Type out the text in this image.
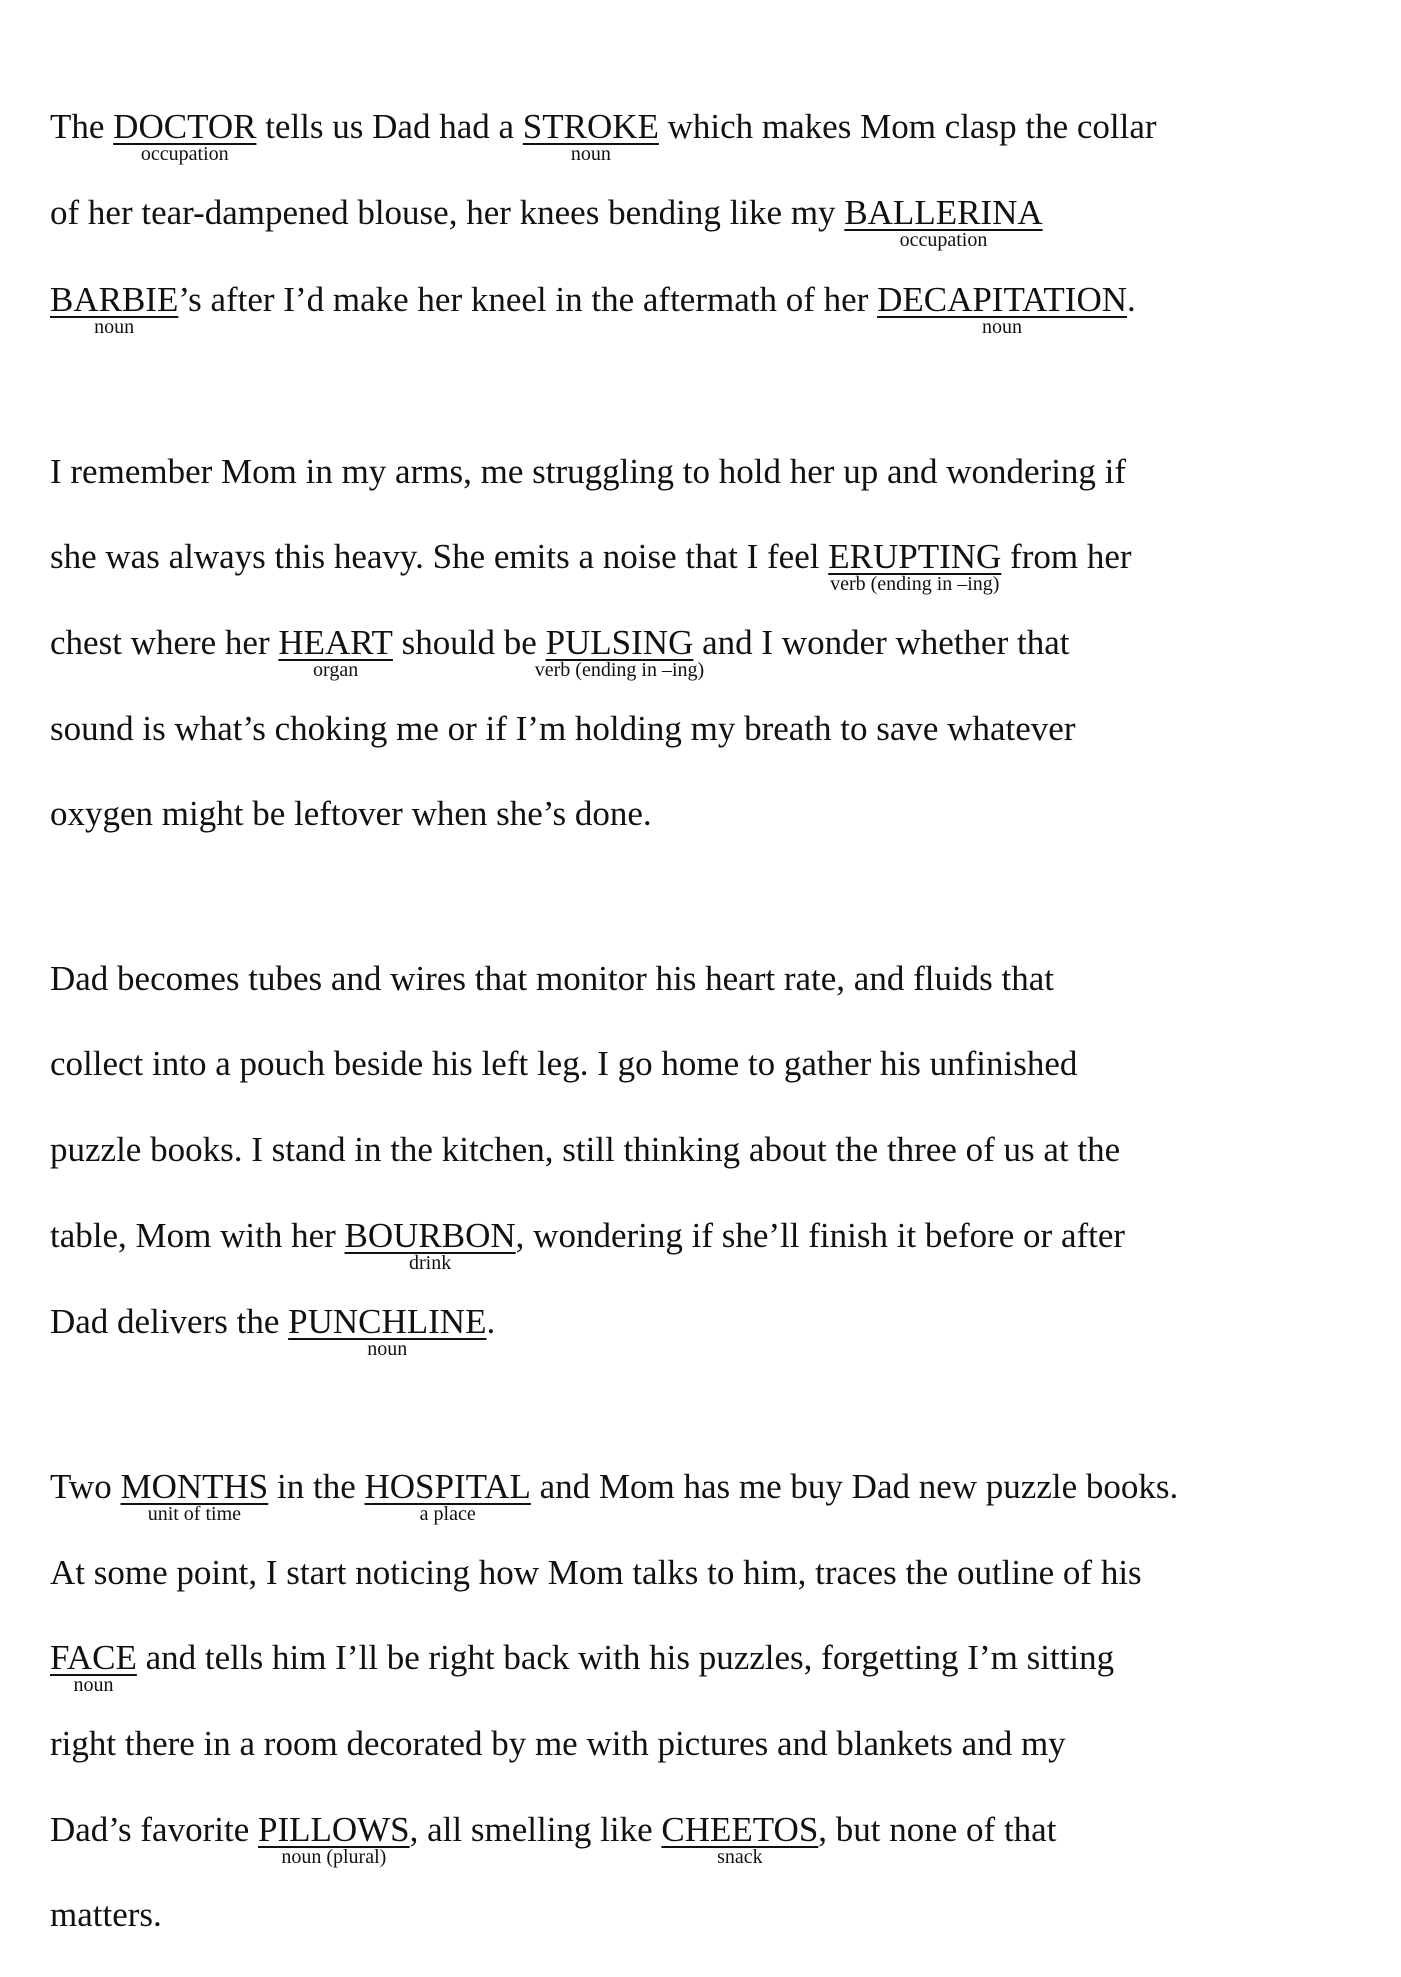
The DOCTOR
occupation
tells us Dad had a STROKE
noun
which makes Mom clasp the collar

of her tear-dampened blouse, her knees bending like my BALLERINA
occupation

BARBIE
noun
’s after I’d make her kneel in the aftermath of her DECAPITATION
noun
.

I remember Mom in my arms, me struggling to hold her up and wondering if

she was always this heavy. She emits a noise that I feel ERUPTING
verb (ending in –ing)
from her

chest where her HEART
organ
should be PULSING
verb (ending in –ing)
and I wonder whether that

sound is what’s choking me or if I’m holding my breath to save whatever

oxygen might be leftover when she’s done.

Dad becomes tubes and wires that monitor his heart rate, and fluids that

collect into a pouch beside his left leg. I go home to gather his unfinished

puzzle books. I stand in the kitchen, still thinking about the three of us at the

table, Mom with her BOURBON
drink
, wondering if she’ll finish it before or after

Dad delivers the PUNCHLINE
noun
.

Two MONTHS
unit of time
in the HOSPITAL
a place
and Mom has me buy Dad new puzzle books.

At some point, I start noticing how Mom talks to him, traces the outline of his

FACE
noun
and tells him I’ll be right back with his puzzles, forgetting I’m sitting

right there in a room decorated by me with pictures and blankets and my

Dad’s favorite PILLOWS
noun (plural)
, all smelling like CHEETOS
snack
, but none of that

matters.
